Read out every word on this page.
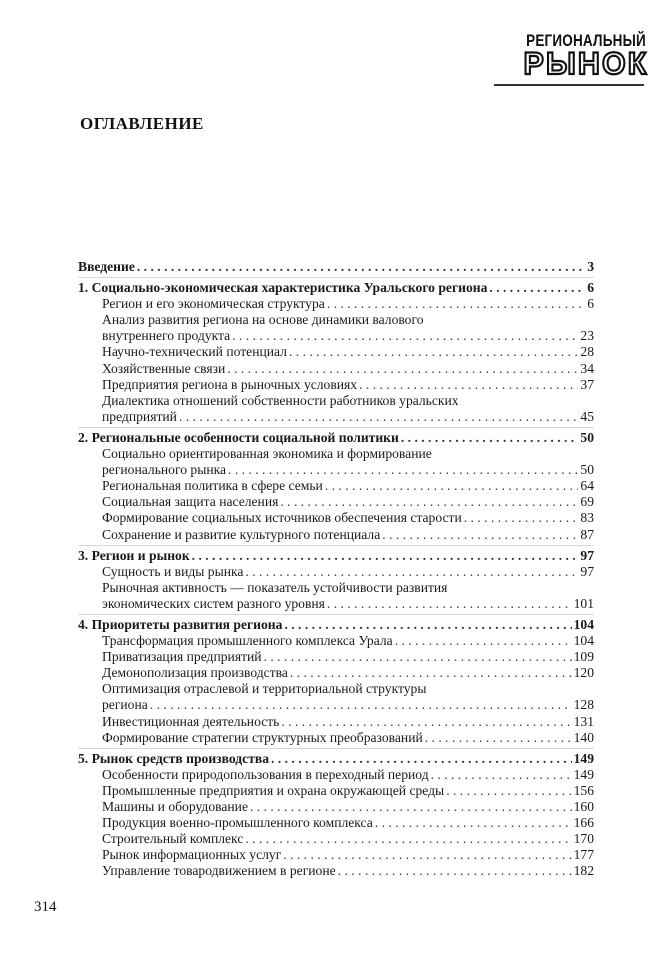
РЕГИОНАЛЬНЫЙ
РЫНОК
ОГЛАВЛЕНИЕ
Введение . . .	3
1. Социально-экономическая характеристика Уральского региона . . .	6
Регион и его экономическая структура . . .	6
Анализ развития региона на основе динамики валового
внутреннего продукта . . .	23
Научно-технический потенциал . . .	28
Хозяйственные связи . . .	34
Предприятия региона в рыночных условиях . . .	37
Диалектика отношений собственности работников уральских
предприятий . . .	45
2. Региональные особенности социальной политики . . .	50
Социально ориентированная экономика и формирование
регионального рынка . . .	50
Региональная политика в сфере семьи . . .	64
Социальная защита населения . . .	69
Формирование социальных источников обеспечения старости . . .	83
Сохранение и развитие культурного потенциала . . .	87
3. Регион и рынок . . .	97
Сущность и виды рынка . . .	97
Рыночная активность — показатель устойчивости развития
экономических систем разного уровня . . .	101
4. Приоритеты развития региона . . .	104
Трансформация промышленного комплекса Урала . . .	104
Приватизация предприятий . . .	109
Демонополизация производства . . .	120
Оптимизация отраслевой и территориальной структуры
региона . . .	128
Инвестиционная деятельность . . .	131
Формирование стратегии структурных преобразований . . .	140
5. Рынок средств производства . . .	149
Особенности природопользования в переходный период . . .	149
Промышленные предприятия и охрана окружающей среды . . .	156
Машины и оборудование . . .	160
Продукция военно-промышленного комплекса . . .	166
Строительный комплекс . . .	170
Рынок информационных услуг . . .	177
Управление товародвижением в регионе . . .	182
314
